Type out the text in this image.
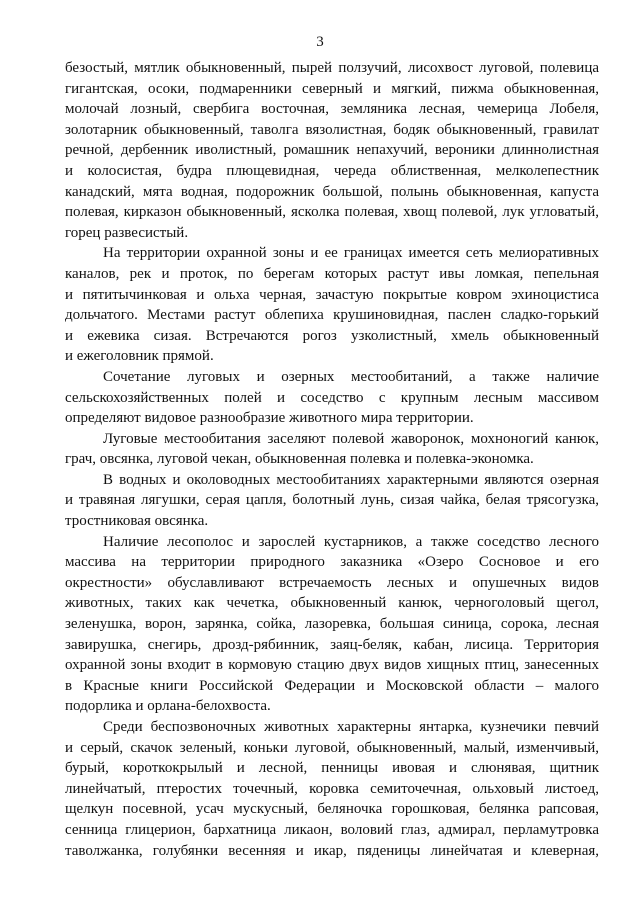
3
безостый, мятлик обыкновенный, пырей ползучий, лисохвост луговой, полевица
гигантская, осоки, подмаренники северный и мягкий, пижма обыкновенная,
молочай лозный, свербига восточная, земляника лесная, чемерица Лобеля,
золотарник обыкновенный, таволга вязолистная, бодяк обыкновенный, гравилат
речной, дербенник иволистный, ромашник непахучий, вероники длиннолистная
и колосистая, будра плющевидная, череда облиственная, мелколепестник
канадский, мята водная, подорожник большой, полынь обыкновенная, капуста
полевая, кирказон обыкновенный, ясколка полевая, хвощ полевой, лук угловатый,
горец развесистый.
На территории охранной зоны и ее границах имеется сеть мелиоративных
каналов, рек и проток, по берегам которых растут ивы ломкая, пепельная
и пятитычинковая и ольха черная, зачастую покрытые ковром эхиноцистиса
дольчатого. Местами растут облепиха крушиновидная, паслен сладко-горький
и ежевика сизая. Встречаются рогоз узколистный, хмель обыкновенный
и ежеголовник прямой.
Сочетание луговых и озерных местообитаний, а также наличие
сельскохозяйственных полей и соседство с крупным лесным массивом
определяют видовое разнообразие животного мира территории.
Луговые местообитания заселяют полевой жаворонок, мохноногий канюк,
грач, овсянка, луговой чекан, обыкновенная полевка и полевка-экономка.
В водных и околоводных местообитаниях характерными являются озерная
и травяная лягушки, серая цапля, болотный лунь, сизая чайка, белая трясогузка,
тростниковая овсянка.
Наличие лесополос и зарослей кустарников, а также соседство лесного
массива на территории природного заказника «Озеро Сосновое и его
окрестности» обуславливают встречаемость лесных и опушечных видов
животных, таких как чечетка, обыкновенный канюк, черноголовый щегол,
зеленушка, ворон, зарянка, сойка, лазоревка, большая синица, сорока, лесная
завирушка, снегирь, дрозд-рябинник, заяц-беляк, кабан, лисица. Территория
охранной зоны входит в кормовую стацию двух видов хищных птиц, занесенных
в Красные книги Российской Федерации и Московской области – малого
подорлика и орлана-белохвоста.
Среди беспозвоночных животных характерны янтарка, кузнечики певчий
и серый, скачок зеленый, коньки луговой, обыкновенный, малый, изменчивый,
бурый, короткокрылый и лесной, пенницы ивовая и слюнявая, щитник
линейчатый, птеростих точечный, коровка семиточечная, ольховый листоед,
щелкун посевной, усач мускусный, беляночка горошковая, белянка рапсовая,
сенница глицерион, бархатница ликаон, воловий глаз, адмирал, перламутровка
таволжанка, голубянки весенняя и икар, пяденицы линейчатая и клеверная,
